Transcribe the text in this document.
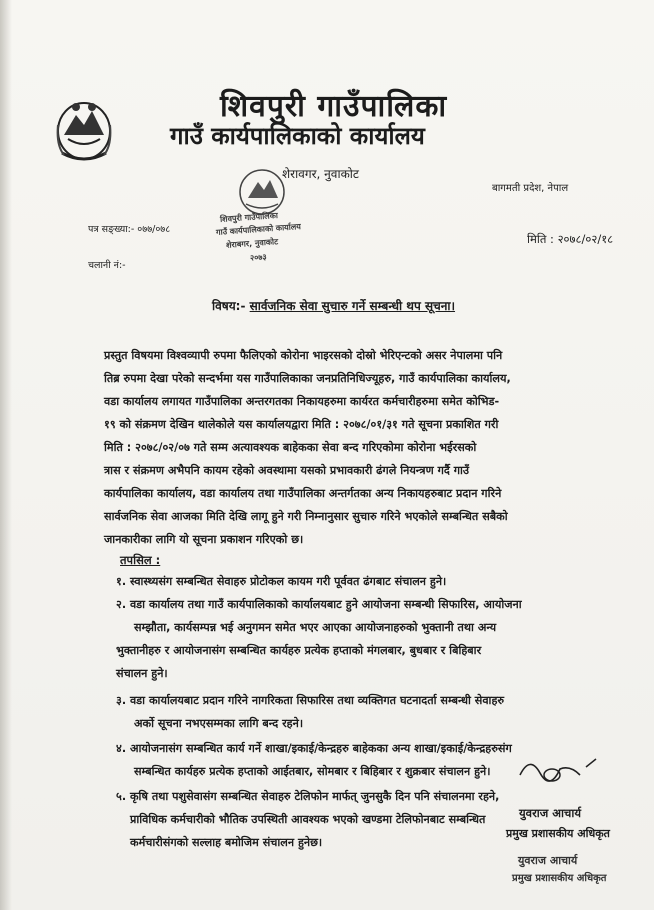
शिवपुरी गाउँपालिका
गाउँ कार्यपालिकाको कार्यालय
शेरावगर, नुवाकोट
बागमती प्रदेश, नेपाल
शिवपुरी गाउँपालिका
गाउँ कार्यपालिकाको कार्यालय
शेराबगर, नुवाकोट
२०७३
पत्र सङ्ख्या:- ०७७/०७८
चलानी नं:-
मिति : २०७८/०२/१८
विषय:- सार्वजनिक सेवा सुचारु गर्ने सम्बन्धी थप सूचना।
प्रस्तुत विषयमा विश्वव्यापी रुपमा फैलिएको कोरोना भाइरसको दोस्रो भेरिएन्टको असर नेपालमा पनि
तिब्र रुपमा देखा परेको सन्दर्भमा यस गाउँपालिकाका जनप्रतिनिधिज्यूहरु, गाउँ कार्यपालिका कार्यालय,
वडा कार्यालय लगायत गाउँपालिका अन्तरगतका निकायहरुमा कार्यरत कर्मचारीहरुमा समेत कोभिड-
१९ को संक्रमण देखिन थालेकोले यस कार्यालयद्वारा मिति : २०७८/०१/३१ गते सूचना प्रकाशित गरी
मिति : २०७८/०२/०७ गते सम्म अत्यावश्यक बाहेकका सेवा बन्द गरिएकोमा कोरोना भईरसको
त्रास र संक्रमण अभैपनि कायम रहेको अवस्थामा यसको प्रभावकारी ढंगले नियन्त्रण गर्दै गाउँ
कार्यपालिका कार्यालय, वडा कार्यालय तथा गाउँपालिका अन्तर्गतका अन्य निकायहरुबाट प्रदान गरिने
सार्वजनिक सेवा आजका मिति देखि लागू हुने गरी निम्नानुसार सुचारु गरिने भएकोले सम्बन्धित सबैको
जानकारीका लागि यो सूचना प्रकाशन गरिएको छ।
तपसिल :
१. स्वास्थ्यसंग सम्बन्धित सेवाहरु प्रोटोकल कायम गरी पूर्ववत ढंगबाट संचालन हुने।
२. वडा कार्यालय तथा गाउँ कार्यपालिकाको कार्यालयबाट हुने आयोजना सम्बन्धी सिफारिस, आयोजना
सम्झौता, कार्यसम्पन्न भई अनुगमन समेत भएर आएका आयोजनाहरुको भुक्तानी तथा अन्य
भुक्तानीहरु र आयोजनासंग सम्बन्धित कार्यहरु प्रत्येक हप्ताको मंगलबार, बुधबार र बिहिबार
संचालन हुने।
३. वडा कार्यालयबाट प्रदान गरिने नागरिकता सिफारिस तथा व्यक्तिगत घटनादर्ता सम्बन्धी सेवाहरु
अर्को सूचना नभएसम्मका लागि बन्द रहने।
४. आयोजनासंग सम्बन्धित कार्य गर्ने शाखा/इकाई/केन्द्रहरु बाहेकका अन्य शाखा/इकाई/केन्द्रहरुसंग
सम्बन्धित कार्यहरु प्रत्येक हप्ताको आईतबार, सोमबार र बिहिबार र शुक्रबार संचालन हुने।
५. कृषि तथा पशुसेवासंग सम्बन्धित सेवाहरु टेलिफोन मार्फत् जुनसुकै दिन पनि संचालनमा रहने,
प्राविधिक कर्मचारीको भौतिक उपस्थिती आवश्यक भएको खण्डमा टेलिफोनबाट सम्बन्धित
कर्मचारीसंगको सल्लाह बमोजिम संचालन हुनेछ।
युवराज आचार्य
प्रमुख प्रशासकीय अधिकृत
युवराज आचार्य
प्रमुख प्रशासकीय अधिकृत
